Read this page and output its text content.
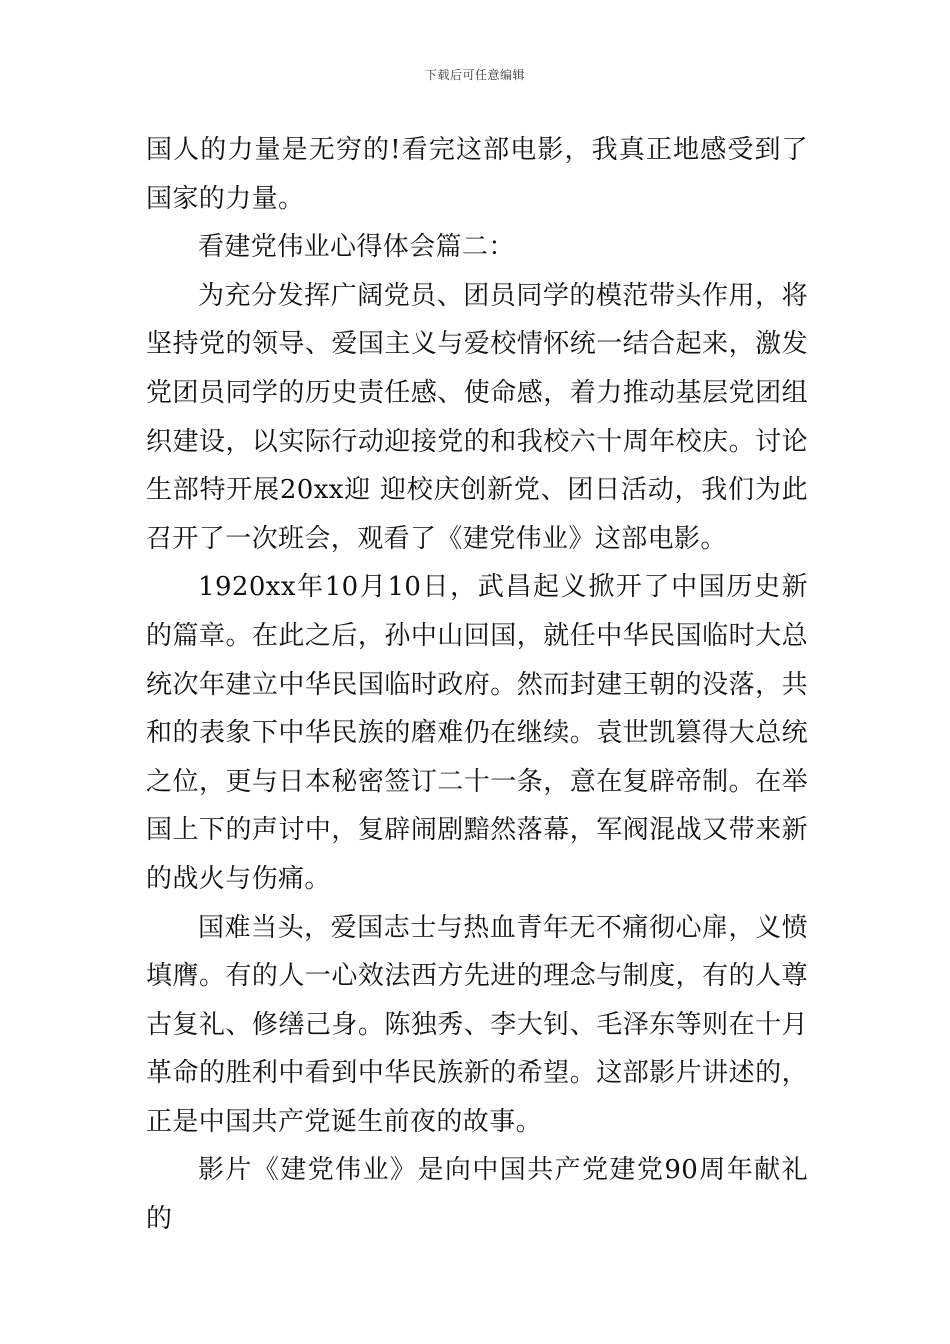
下载后可任意编辑

国人的力量是无穷的!看完这部电影，我真正地感受到了国家的力量。

看建党伟业心得体会篇二：

为充分发挥广阔党员、团员同学的模范带头作用，将坚持党的领导、爱国主义与爱校情怀统一结合起来，激发党团员同学的历史责任感、使命感，着力推动基层党团组织建设，以实际行动迎接党的和我校六十周年校庆。讨论生部特开展20xx迎 迎校庆创新党、团日活动，我们为此召开了一次班会，观看了《建党伟业》这部电影。

1920xx年10月10日，武昌起义掀开了中国历史新的篇章。在此之后，孙中山回国，就任中华民国临时大总统次年建立中华民国临时政府。然而封建王朝的没落，共和的表象下中华民族的磨难仍在继续。袁世凯篡得大总统之位，更与日本秘密签订二十一条，意在复辟帝制。在举国上下的声讨中，复辟闹剧黯然落幕，军阀混战又带来新的战火与伤痛。

国难当头，爱国志士与热血青年无不痛彻心扉，义愤填膺。有的人一心效法西方先进的理念与制度，有的人尊古复礼、修缮己身。陈独秀、李大钊、毛泽东等则在十月革命的胜利中看到中华民族新的希望。这部影片讲述的，正是中国共产党诞生前夜的故事。

影片《建党伟业》是向中国共产党建党90周年献礼的
